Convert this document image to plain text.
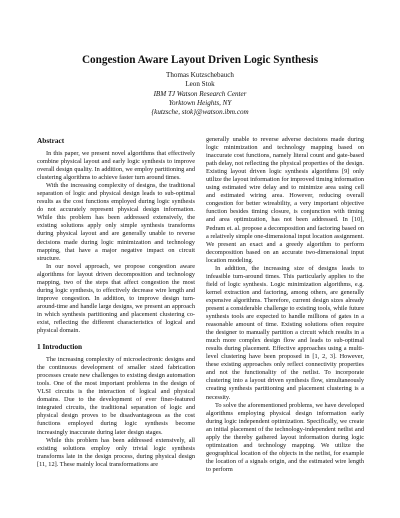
Congestion Aware Layout Driven Logic Synthesis
Thomas Kutzschebauch
Leon Stok
IBM TJ Watson Research Center
Yorktown Heights, NY
{kutzsche, stok}@watson.ibm.com
Abstract

In this paper, we present novel algorithms that effectively combine physical layout and early logic synthesis to improve overall design quality. In addition, we employ partitioning and clustering algorithms to achieve faster turn around times.

With the increasing complexity of designs, the traditional separation of logic and physical design leads to sub-optimal results as the cost functions employed during logic synthesis do not accurately represent physical design information. While this problem has been addressed extensively, the existing solutions apply only simple synthesis transforms during physical layout and are generally unable to reverse decisions made during logic minimization and technology mapping, that have a major negative impact on circuit structure.

In our novel approach, we propose congestion aware algorithms for layout driven decomposition and technology mapping, two of the steps that affect congestion the most during logic synthesis, to effectively decrease wire length and improve congestion. In addition, to improve design turn-around-time and handle large designs, we present an approach in which synthesis partitioning and placement clustering co-exist, reflecting the different characteristics of logical and physical domain.

1 Introduction

The increasing complexity of microelectronic designs and the continuous development of smaller sized fabrication processes create new challenges to existing design automation tools. One of the most important problems in the design of VLSI circuits is the interaction of logical and physical domains. Due to the development of ever finer-featured integrated circuits, the traditional separation of logic and physical design proves to be disadvantageous as the cost functions employed during logic synthesis become increasingly inaccurate during later design stages.

While this problem has been addressed extensively, all existing solutions employ only trivial logic synthesis transforms late in the design process, during physical design [11, 12]. These mainly local transformations are

generally unable to reverse adverse decisions made during logic minimization and technology mapping based on inaccurate cost functions, namely literal count and gate-based path delay, not reflecting the physical properties of the design. Existing layout driven logic synthesis algorithms [9] only utilize the layout information for improved timing information using estimated wire delay and to minimize area using cell and estimated wiring area. However, reducing overall congestion for better wireability, a very important objective function besides timing closure, is conjunction with timing and area optimization, has not been addressed. In [10], Pedram et. al. propose a decomposition and factoring based on a relatively simple one-dimensional input location assignment. We present an exact and a greedy algorithm to perform decomposition based on an accurate two-dimensional input location modeling.

In addition, the increasing size of designs leads to infeasible turn-around times. This particularly applies to the field of logic synthesis. Logic minimization algorithms, e.g. kernel extraction and factoring, among others, are generally expensive algorithms. Therefore, current design sizes already present a considerable challenge to existing tools, while future synthesis tools are expected to handle millions of gates in a reasonable amount of time. Existing solutions often require the designer to manually partition a circuit which results in a much more complex design flow and leads to sub-optimal results during placement. Effective approaches using a multi-level clustering have been proposed in [1, 2, 3]. However, these existing approaches only reflect connectivity properties and not the functionality of the netlist. To incorporate clustering into a layout driven synthesis flow, simultaneously creating synthesis partitioning and placement clustering is a necessity.

To solve the aforementioned problems, we have developed algorithms employing physical design information early during logic independent optimization. Specifically, we create an initial placement of the technology-independent netlist and apply the thereby gathered layout information during logic optimization and technology mapping. We utilize the geographical location of the objects in the netlist, for example the location of a signals origin, and the estimated wire length to perform
